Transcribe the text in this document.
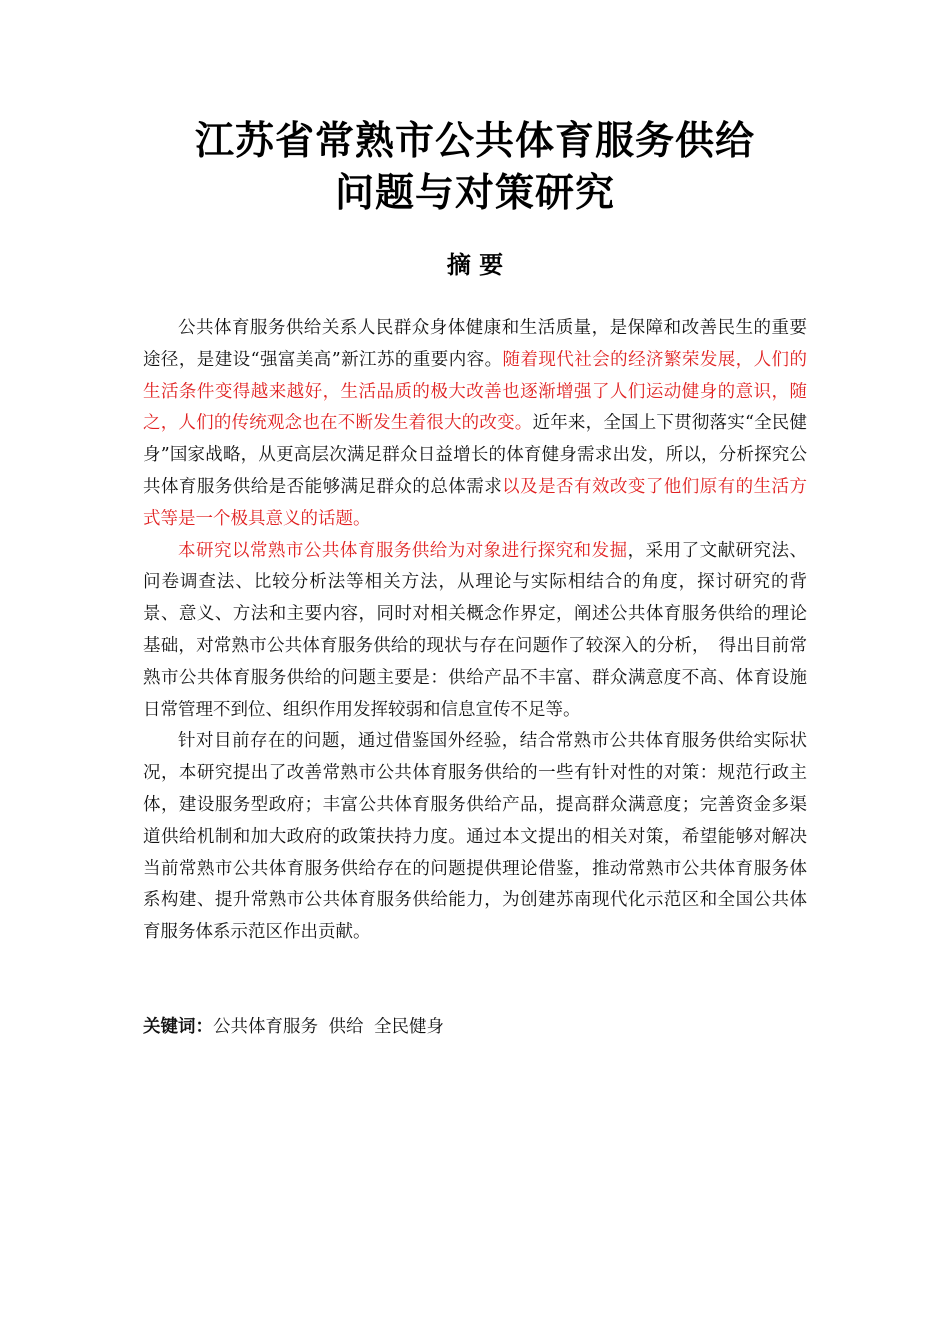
江苏省常熟市公共体育服务供给
问题与对策研究
摘 要

公共体育服务供给关系人民群众身体健康和生活质量，是保障和改善民生的重要途径，是建设“强富美高”新江苏的重要内容。随着现代社会的经济繁荣发展，人们的生活条件变得越来越好，生活品质的极大改善也逐渐增强了人们运动健身的意识，随之，人们的传统观念也在不断发生着很大的改变。近年来，全国上下贯彻落实“全民健身”国家战略，从更高层次满足群众日益增长的体育健身需求出发，所以，分析探究公共体育服务供给是否能够满足群众的总体需求以及是否有效改变了他们原有的生活方式等是一个极具意义的话题。

本研究以常熟市公共体育服务供给为对象进行探究和发掘，采用了文献研究法、问卷调查法、比较分析法等相关方法，从理论与实际相结合的角度，探讨研究的背景、意义、方法和主要内容，同时对相关概念作界定，阐述公共体育服务供给的理论基础，对常熟市公共体育服务供给的现状与存在问题作了较深入的分析，　得出目前常熟市公共体育服务供给的问题主要是：供给产品不丰富、群众满意度不高、体育设施日常管理不到位、组织作用发挥较弱和信息宣传不足等。

针对目前存在的问题，通过借鉴国外经验，结合常熟市公共体育服务供给实际状况，本研究提出了改善常熟市公共体育服务供给的一些有针对性的对策：规范行政主体，建设服务型政府；丰富公共体育服务供给产品，提高群众满意度；完善资金多渠道供给机制和加大政府的政策扶持力度。通过本文提出的相关对策，希望能够对解决当前常熟市公共体育服务供给存在的问题提供理论借鉴，推动常熟市公共体育服务体系构建、提升常熟市公共体育服务供给能力，为创建苏南现代化示范区和全国公共体育服务体系示范区作出贡献。

关键词：公共体育服务 供给 全民健身
